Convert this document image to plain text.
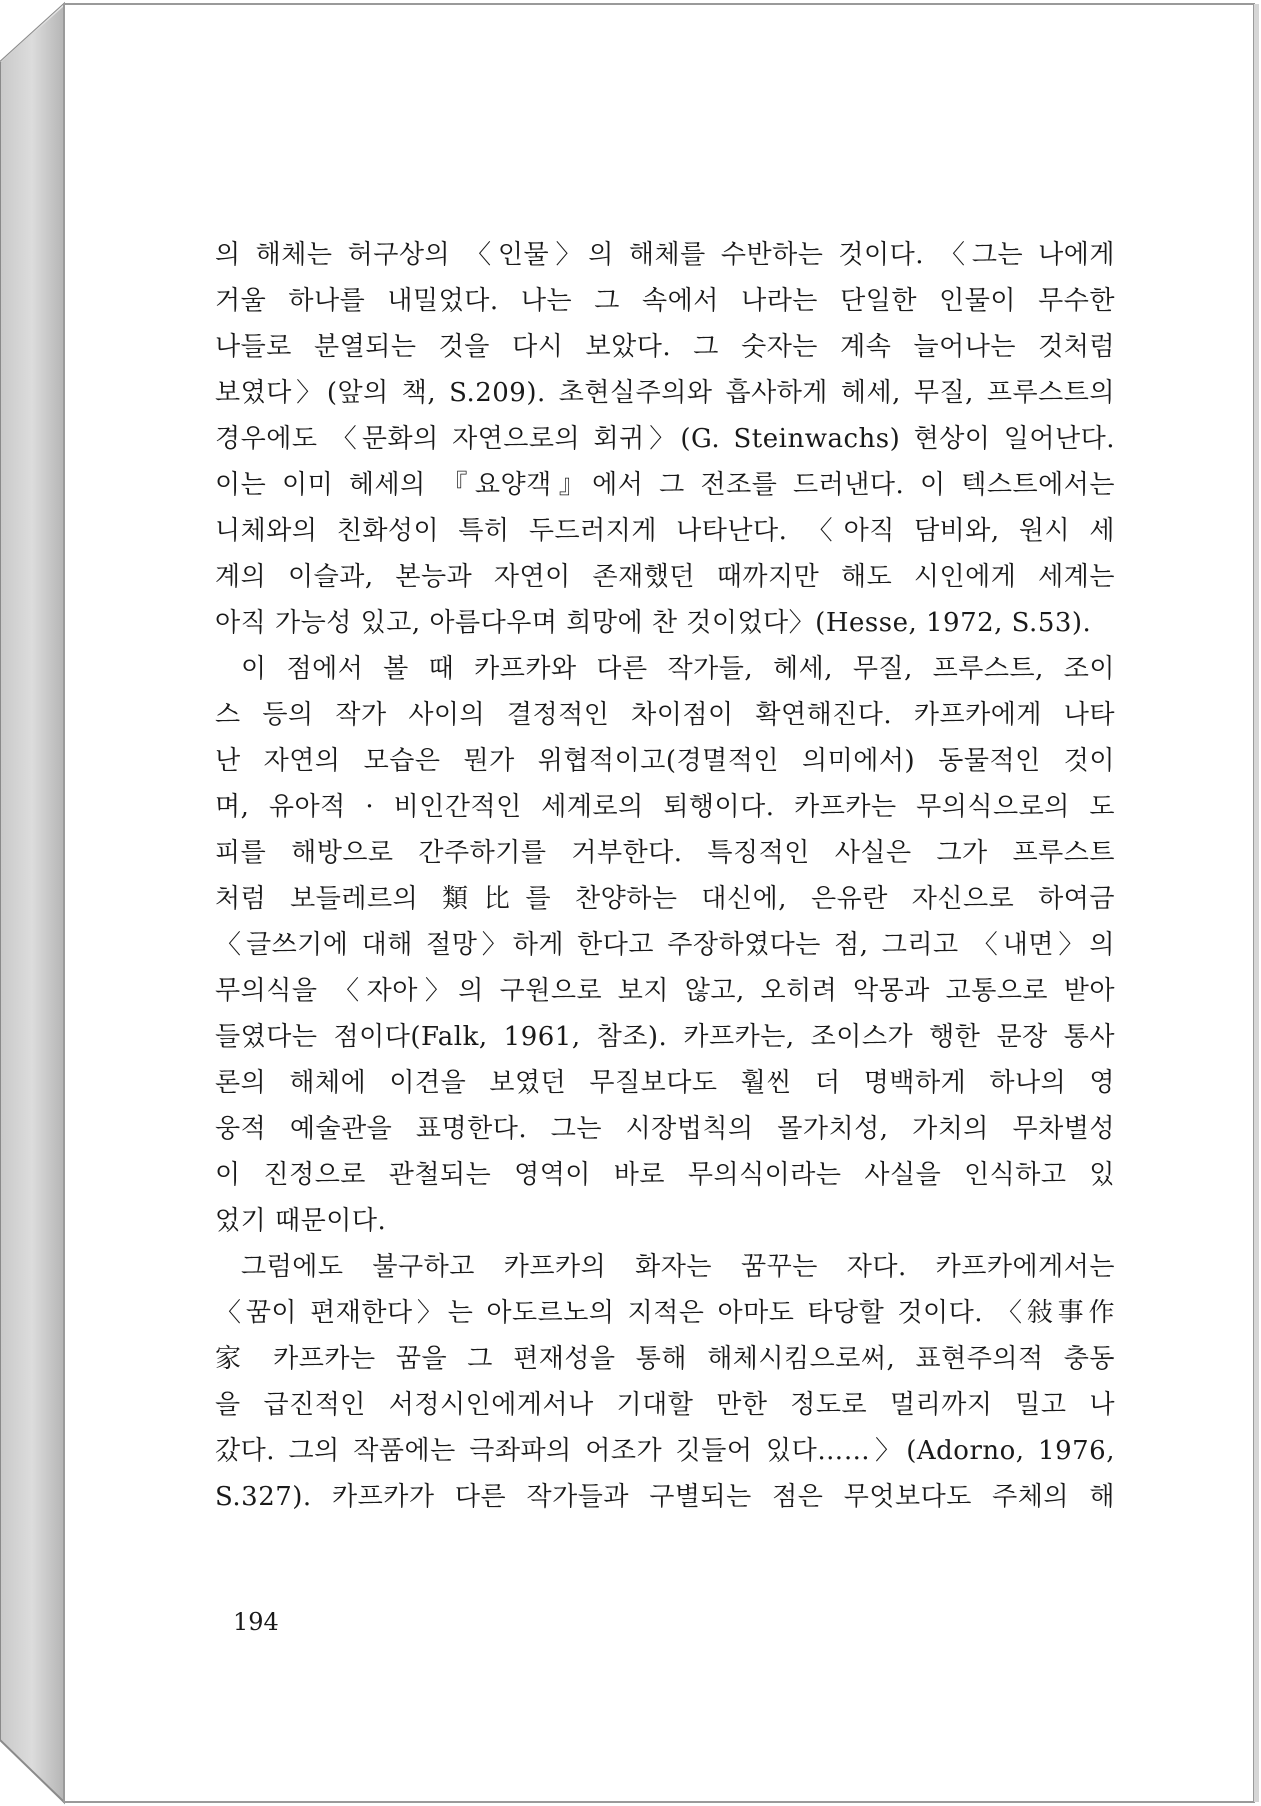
의 해체는 허구상의 〈인물〉의 해체를 수반하는 것이다. 〈그는 나에게
거울 하나를 내밀었다. 나는 그 속에서 나라는 단일한 인물이 무수한
나들로 분열되는 것을 다시 보았다. 그 숫자는 계속 늘어나는 것처럼
보였다〉(앞의 책, S.209). 초현실주의와 흡사하게 헤세, 무질, 프루스트의
경우에도 〈문화의 자연으로의 회귀〉(G. Steinwachs) 현상이 일어난다.
이는 이미 헤세의 『요양객』에서 그 전조를 드러낸다. 이 텍스트에서는
니체와의 친화성이 특히 두드러지게 나타난다. 〈아직 담비와, 원시 세
계의 이슬과, 본능과 자연이 존재했던 때까지만 해도 시인에게 세계는
아직 가능성 있고, 아름다우며 희망에 찬 것이었다〉(Hesse, 1972, S.53).
이 점에서 볼 때 카프카와 다른 작가들, 헤세, 무질, 프루스트, 조이
스 등의 작가 사이의 결정적인 차이점이 확연해진다. 카프카에게 나타
난 자연의 모습은 뭔가 위협적이고(경멸적인 의미에서) 동물적인 것이
며, 유아적 · 비인간적인 세계로의 퇴행이다. 카프카는 무의식으로의 도
피를 해방으로 간주하기를 거부한다. 특징적인 사실은 그가 프루스트
처럼 보들레르의 類比를 찬양하는 대신에, 은유란 자신으로 하여금
〈글쓰기에 대해 절망〉하게 한다고 주장하였다는 점, 그리고 〈내면〉의
무의식을 〈자아〉의 구원으로 보지 않고, 오히려 악몽과 고통으로 받아
들였다는 점이다(Falk, 1961, 참조). 카프카는, 조이스가 행한 문장 통사
론의 해체에 이견을 보였던 무질보다도 훨씬 더 명백하게 하나의 영
웅적 예술관을 표명한다. 그는 시장법칙의 몰가치성, 가치의 무차별성
이 진정으로 관철되는 영역이 바로 무의식이라는 사실을 인식하고 있
었기 때문이다.
그럼에도 불구하고 카프카의 화자는 꿈꾸는 자다. 카프카에게서는
〈꿈이 편재한다〉는 아도르노의 지적은 아마도 타당할 것이다. 〈敍事作
家 카프카는 꿈을 그 편재성을 통해 해체시킴으로써, 표현주의적 충동
을 급진적인 서정시인에게서나 기대할 만한 정도로 멀리까지 밀고 나
갔다. 그의 작품에는 극좌파의 어조가 깃들어 있다……〉(Adorno, 1976,
S.327). 카프카가 다른 작가들과 구별되는 점은 무엇보다도 주체의 해
194
